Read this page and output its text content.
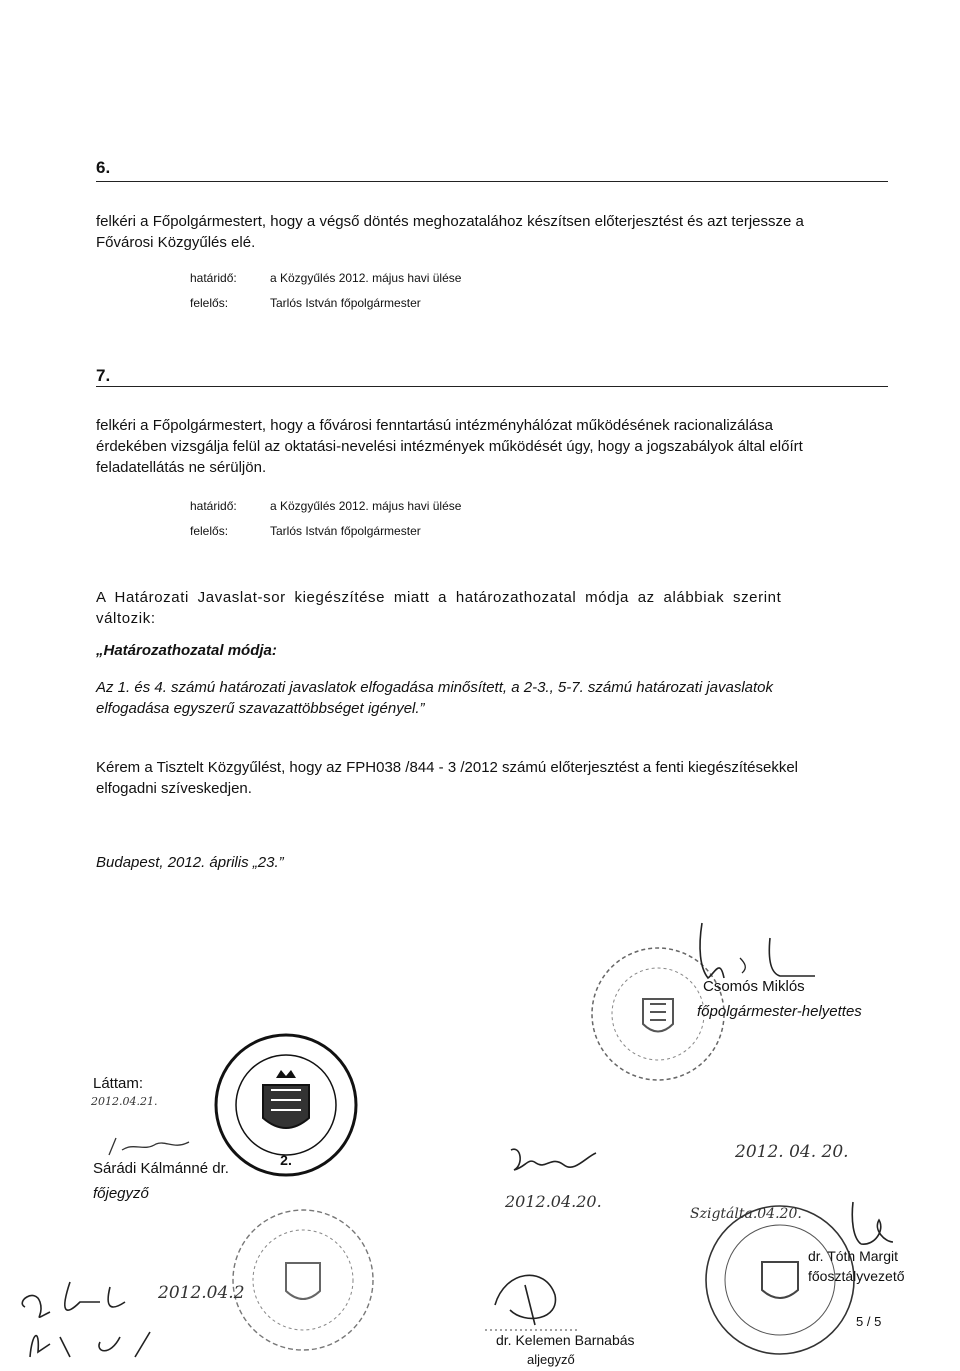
6.
felkéri a Főpolgármestert, hogy a végső döntés meghozatalához készítsen előterjesztést és azt terjessze a
Fővárosi Közgyűlés elé.
határidő:	a Közgyűlés 2012. május havi ülése
felelős:	Tarlós István főpolgármester
7.
felkéri a Főpolgármestert, hogy a fővárosi fenntartású intézményhálózat működésének racionalizálása
érdekében vizsgálja felül az oktatási-nevelési intézmények működését úgy, hogy a jogszabályok által előírt
feladatellátás ne sérüljön.
határidő:	a Közgyűlés 2012. május havi ülése
felelős:	Tarlós István főpolgármester
A Határozati Javaslat-sor kiegészítése miatt a határozathozatal módja az alábbiak szerint
változik:
„Határozathozatal módja:
Az 1. és 4. számú határozati javaslatok elfogadása minősített, a 2-3., 5-7. számú határozati javaslatok
elfogadása egyszerű szavazattöbbséget igényel.”
Kérem a Tisztelt Közgyűlést, hogy az FPH038 /844 - 3 /2012 számú előterjesztést a fenti kiegészítésekkel
elfogadni szíveskedjen.
Budapest, 2012. április „23.”
Csomós Miklós
főpolgármester-helyettes
2.
Láttam:
2012.04.21.
Sárádi Kálmánné dr.
főjegyző	2012.04.20.
2012. 04. 20.
Szigtálta.04.20.
dr. Tóth Margit
főosztályvezető
dr. Kelemen Barnabás
aljegyző
2012.04.2
5 / 5
